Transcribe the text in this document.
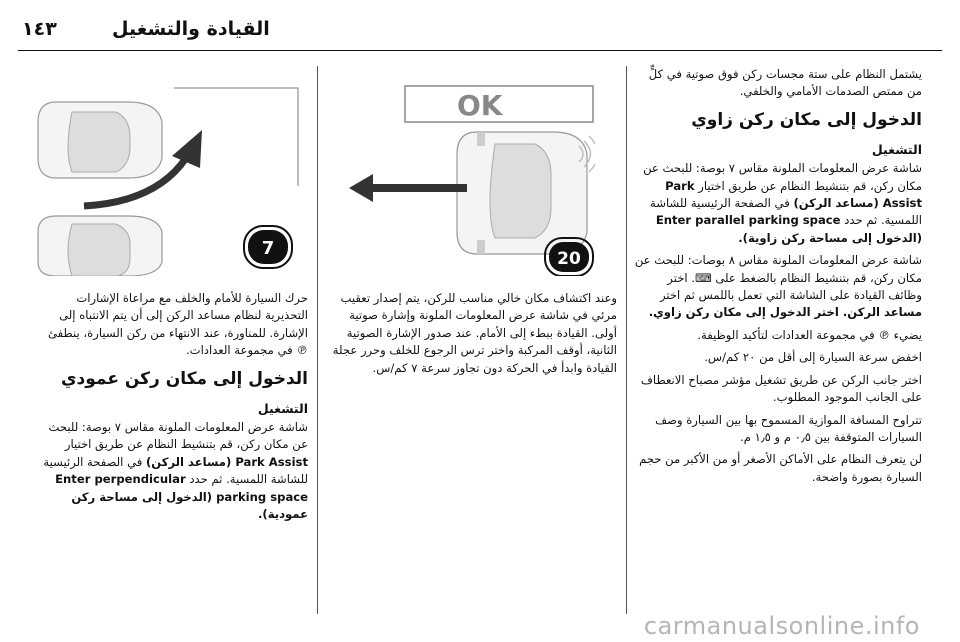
١٤٣	القيادة والتشغيل

يشتمل النظام على ستة مجسات ركن فوق صوتية في كلٍّ من ممتص الصدمات الأمامي والخلفي.

الدخول إلى مكان ركن زاوي
التشغيل

شاشة عرض المعلومات الملونة مقاس ٧ بوصة: للبحث عن مكان ركن، قم بتنشيط النظام عن طريق اختيار Park Assist (مساعد الركن) في الصفحة الرئيسية للشاشة اللمسية. ثم حدد Enter parallel parking space (الدخول إلى مساحة ركن زاوية).

شاشة عرض المعلومات الملونة مقاس ٨ بوصات: للبحث عن مكان ركن، قم بتنشيط النظام بالضغط على ⌨. اختر وظائف القيادة على الشاشة التي تعمل باللمس ثم اختر مساعد الركن. اختر الدخول إلى مكان ركن زاوي.

يضيء ℗ في مجموعة العدادات لتأكيد الوظيفة.

اخفض سرعة السيارة إلى أقل من ٢٠ كم/س.

اختر جانب الركن عن طريق تشغيل مؤشر مصباح الانعطاف على الجانب الموجود المطلوب.

تتراوح المسافة الموازية المسموح بها بين السيارة وصف السيارات المتوقفة بين ٠٫٥ م و ١٫٥ م.

لن يتعرف النظام على الأماكن الأصغر أو من الأكبر من حجم السيارة بصورة واضحة.

OK
20

وعند اكتشاف مكان خالي مناسب للركن، يتم إصدار تعقيب مرئي في شاشة عرض المعلومات الملونة وإشارة صوتية أولى. القيادة ببطء إلى الأمام. عند صدور الإشارة الصوتية الثانية، أوقف المركبة واختر ترس الرجوع للخلف وحرر عجلة القيادة وابدأ في الحركة دون تجاوز سرعة ٧ كم/س.

7

حرك السيارة للأمام والخلف مع مراعاة الإشارات التحذيرية لنظام مساعد الركن إلى أن يتم الانتباه إلى الإشارة. للمناورة، عند الانتهاء من ركن السيارة، ينطفئ ℗ في مجموعة العدادات.

الدخول إلى مكان ركن عمودي
التشغيل

شاشة عرض المعلومات الملونة مقاس ٧ بوصة: للبحث عن مكان ركن، قم بتنشيط النظام عن طريق اختيار Park Assist (مساعد الركن) في الصفحة الرئيسية للشاشة اللمسية. ثم حدد Enter perpendicular parking space (الدخول إلى مساحة ركن عمودية).

carmanualsonline.info
